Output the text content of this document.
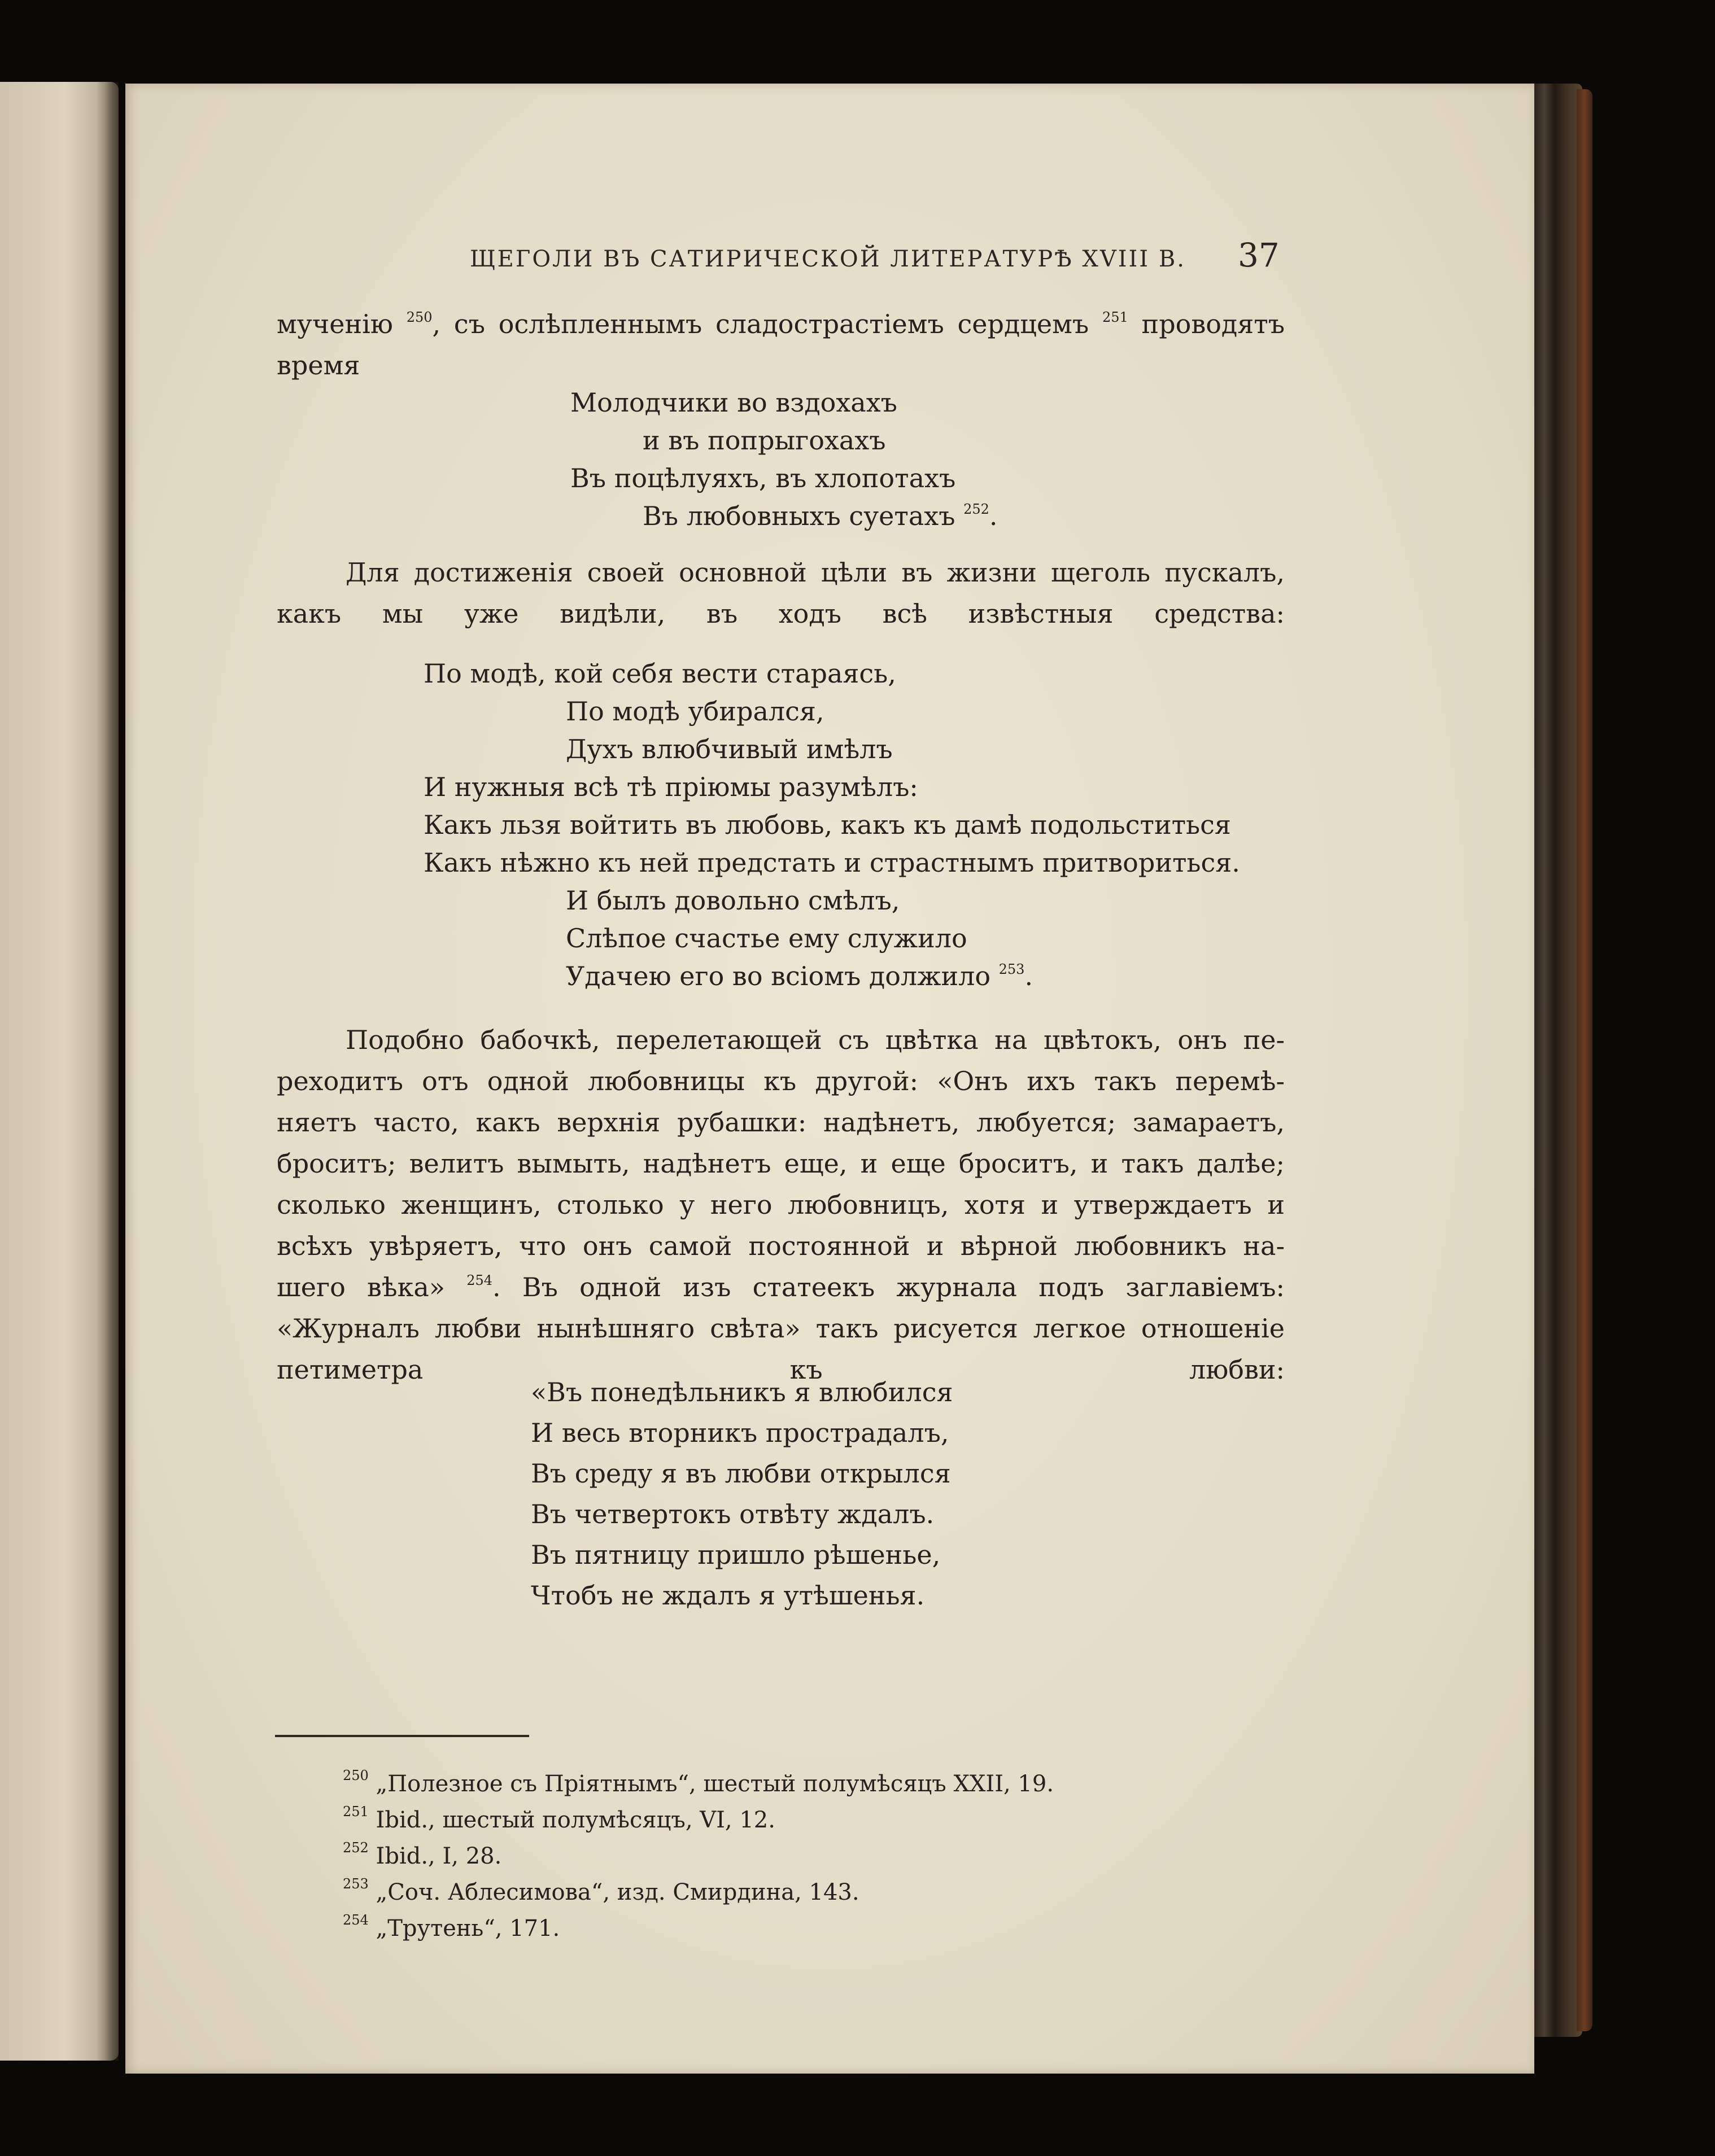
ЩЕГОЛИ ВЪ САТИРИЧЕСКОЙ ЛИТЕРАТУРѢ XVIII В. 37
мученію $^{250}$, съ ослѣпленнымъ сладострастіемъ сердцемъ $^{251}$ проводятъ
время
Молодчики во вздохахъ
и въ попрыгохахъ
Въ поцѣлуяхъ, въ хлопотахъ
Въ любовныхъ суетахъ $^{252}$.
Для достиженія своей основной цѣли въ жизни щеголь пускалъ,
какъ мы уже видѣли, въ ходъ всѣ извѣстныя средства:
По модѣ, кой себя вести стараясь,
По модѣ убирался,
Духъ влюбчивый имѣлъ
И нужныя всѣ тѣ пріюмы разумѣлъ:
Какъ льзя войтить въ любовь, какъ къ дамѣ подольститься
Какъ нѣжно къ ней предстать и страстнымъ притвориться.
И былъ довольно смѣлъ,
Слѣпое счастье ему служило
Удачею его во всіомъ должило $^{253}$.
Подобно бабочкѣ, перелетающей съ цвѣтка на цвѣтокъ, онъ пе-
реходитъ отъ одной любовницы къ другой: «Онъ ихъ такъ перемѣ-
няетъ часто, какъ верхнія рубашки: надѣнетъ, любуется; замараетъ,
броситъ; велитъ вымыть, надѣнетъ еще, и еще броситъ, и такъ далѣе;
сколько женщинъ, столько у него любовницъ, хотя и утверждаетъ и
всѣхъ увѣряетъ, что онъ самой постоянной и вѣрной любовникъ на-
шего вѣка» $^{254}$. Въ одной изъ статеекъ журнала подъ заглавіемъ:
«Журналъ любви нынѣшняго свѣта» такъ рисуется легкое отношеніе
петиметра къ любви:
«Въ понедѣльникъ я влюбился
И весь вторникъ прострадалъ,
Въ среду я въ любви открылся
Въ четвертокъ отвѣту ждалъ.
Въ пятницу пришло рѣшенье,
Чтобъ не ждалъ я утѣшенья.
$^{250}$ „Полезное съ Пріятнымъ“, шестый полумѣсяцъ XXII, 19.
$^{251}$ Ibid., шестый полумѣсяцъ, VI, 12.
$^{252}$ Ibid., I, 28.
$^{253}$ „Соч. Аблесимова“, изд. Смирдина, 143.
$^{254}$ „Трутень“, 171.
